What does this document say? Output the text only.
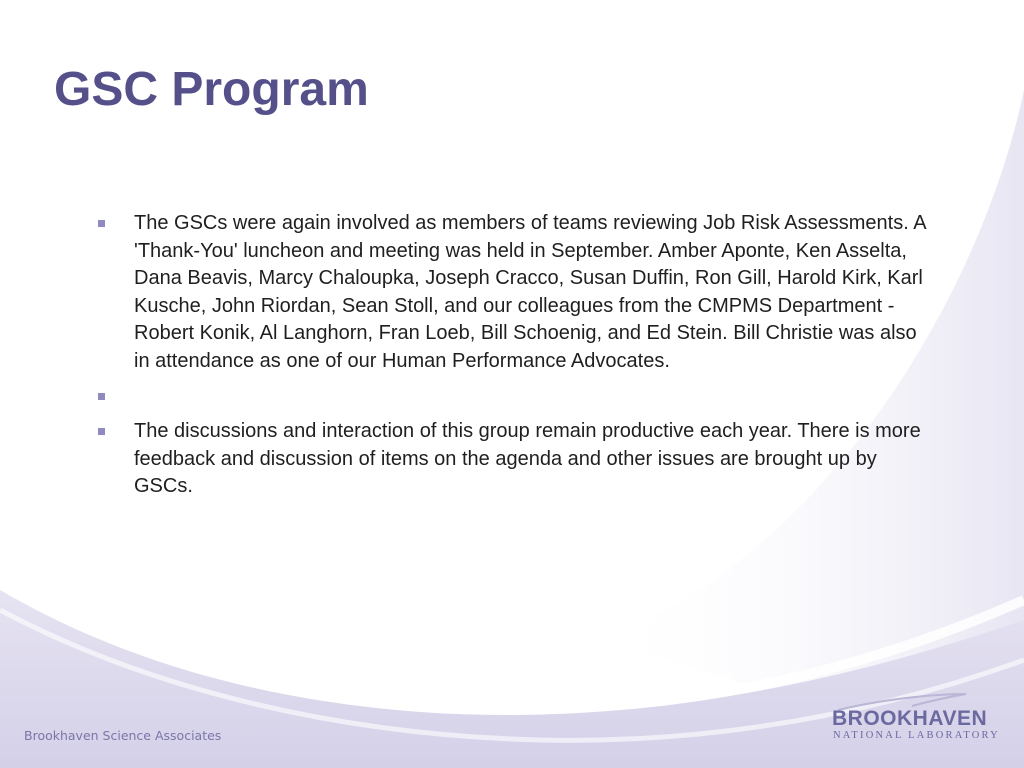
GSC Program
The GSCs were again involved as members of teams reviewing Job Risk Assessments. A 'Thank-You' luncheon and meeting was held in September. Amber Aponte, Ken Asselta, Dana Beavis, Marcy Chaloupka, Joseph Cracco, Susan Duffin, Ron Gill, Harold Kirk, Karl Kusche, John Riordan, Sean Stoll, and our colleagues from the CMPMS Department - Robert Konik, Al Langhorn, Fran Loeb, Bill Schoenig, and Ed Stein. Bill Christie was also in attendance as one of our Human Performance Advocates.
The discussions and interaction of this group remain productive each year. There is more feedback and discussion of items on the agenda and other issues are brought up by GSCs.
Brookhaven Science Associates
BROOKHAVEN
NATIONAL LABORATORY
